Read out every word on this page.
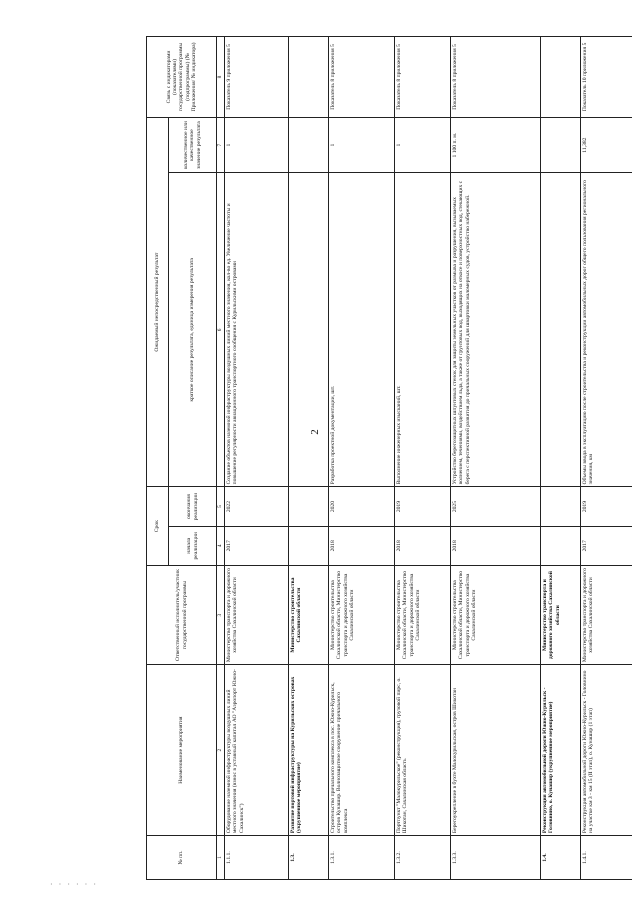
2
· · · · · ·
№ пп.	Наименование мероприятия	Ответственный исполнитель/участник государственной программы	Срок		Ожидаемый непосредственный результат		Связь с индикаторами (показателями) государственной программы (подпрограммы) (№ Приложения/ № индикатора)
			начала реализации	окончания реализации	краткое описание результата, единица измерения результата	количественное или качественное значение результата	
1	2	3	4	5	6	7	8
1.1.1.	Оборудование наземной инфраструктуры воздушных линий местного значения (взнос в уставный капитал АО "Аэропорт Южно-Сахалинск")	Министерство транспорта и дорожного хозяйства Сахалинской области	2017	2022	Создание объектов наземной инфраструктуры воздушных линий местного значения, кол-во ед. Увеличение частоты и повышение регулярности авиационного транспортного сообщения с Курильскими островами	1	Показатель 9 приложения 5
1.3.	Развитие портовой инфраструктуры на Курильских островах (укрупненное мероприятие)	Министерство строительства Сахалинской области					
1.3.1.	Строительство причального комплекса в пос. Южно-Курильск, остров Кунашир. Волнозащитное сооружение причального комплекса	Министерство строительства Сахалинской области, Министерство транспорта и дорожного хозяйства Сахалинской области	2018	2020	Разработка проектной документации, шт.	1	Показатель 8 приложения 5
1.3.2.	Портпункт "Малокурильское" (реконструкция), грузовой пирс, о. Шикотан, Сахалинская область	Министерство строительства Сахалинской области, Министерство транспорта и дорожного хозяйства Сахалинской области	2018	2019	Выполнение инженерных изысканий, шт.	1	Показатель 8 приложения 5
1.3.3.	Берегоукрепление в бухте Малокурильская, остров Шикотан	Министерство строительства Сахалинской области, Министерство транспорта и дорожного хозяйства Сахалинской области	2018	2025	Устройство берегозащитных шпунтовых стенок для защиты земельных участков от размыва и разрушения, вызываемых волнением, течениями, воздействием льда, а также от грунтовых вод, выходящих на откосе и поверхностных вод, стекающих с берега с перспективной развития до причальных сооружений для швартовки маломерных судов, устройство набережной.	1 100 п. м.	Показатель 8 приложения 5
1.4.	Реконструкция автомобильной дороги Южно-Курильск - Головнино, о. Кунашир (укрупненное мероприятие)	Министерство транспорта и дорожного хозяйства Сахалинской области					
1.4.1.	Реконструкция автомобильной дороги Южно-Курильск - Головнино на участке км 3 - км 15 (II этап), о. Кунашир (1 этап)	Министерство транспорта и дорожного хозяйства Сахалинской области	2017	2019	Объемы ввода в эксплуатацию после строительства и реконструкции автомобильных дорог общего пользования регионального значения, км	11,382	Показатель 10 приложения 5
